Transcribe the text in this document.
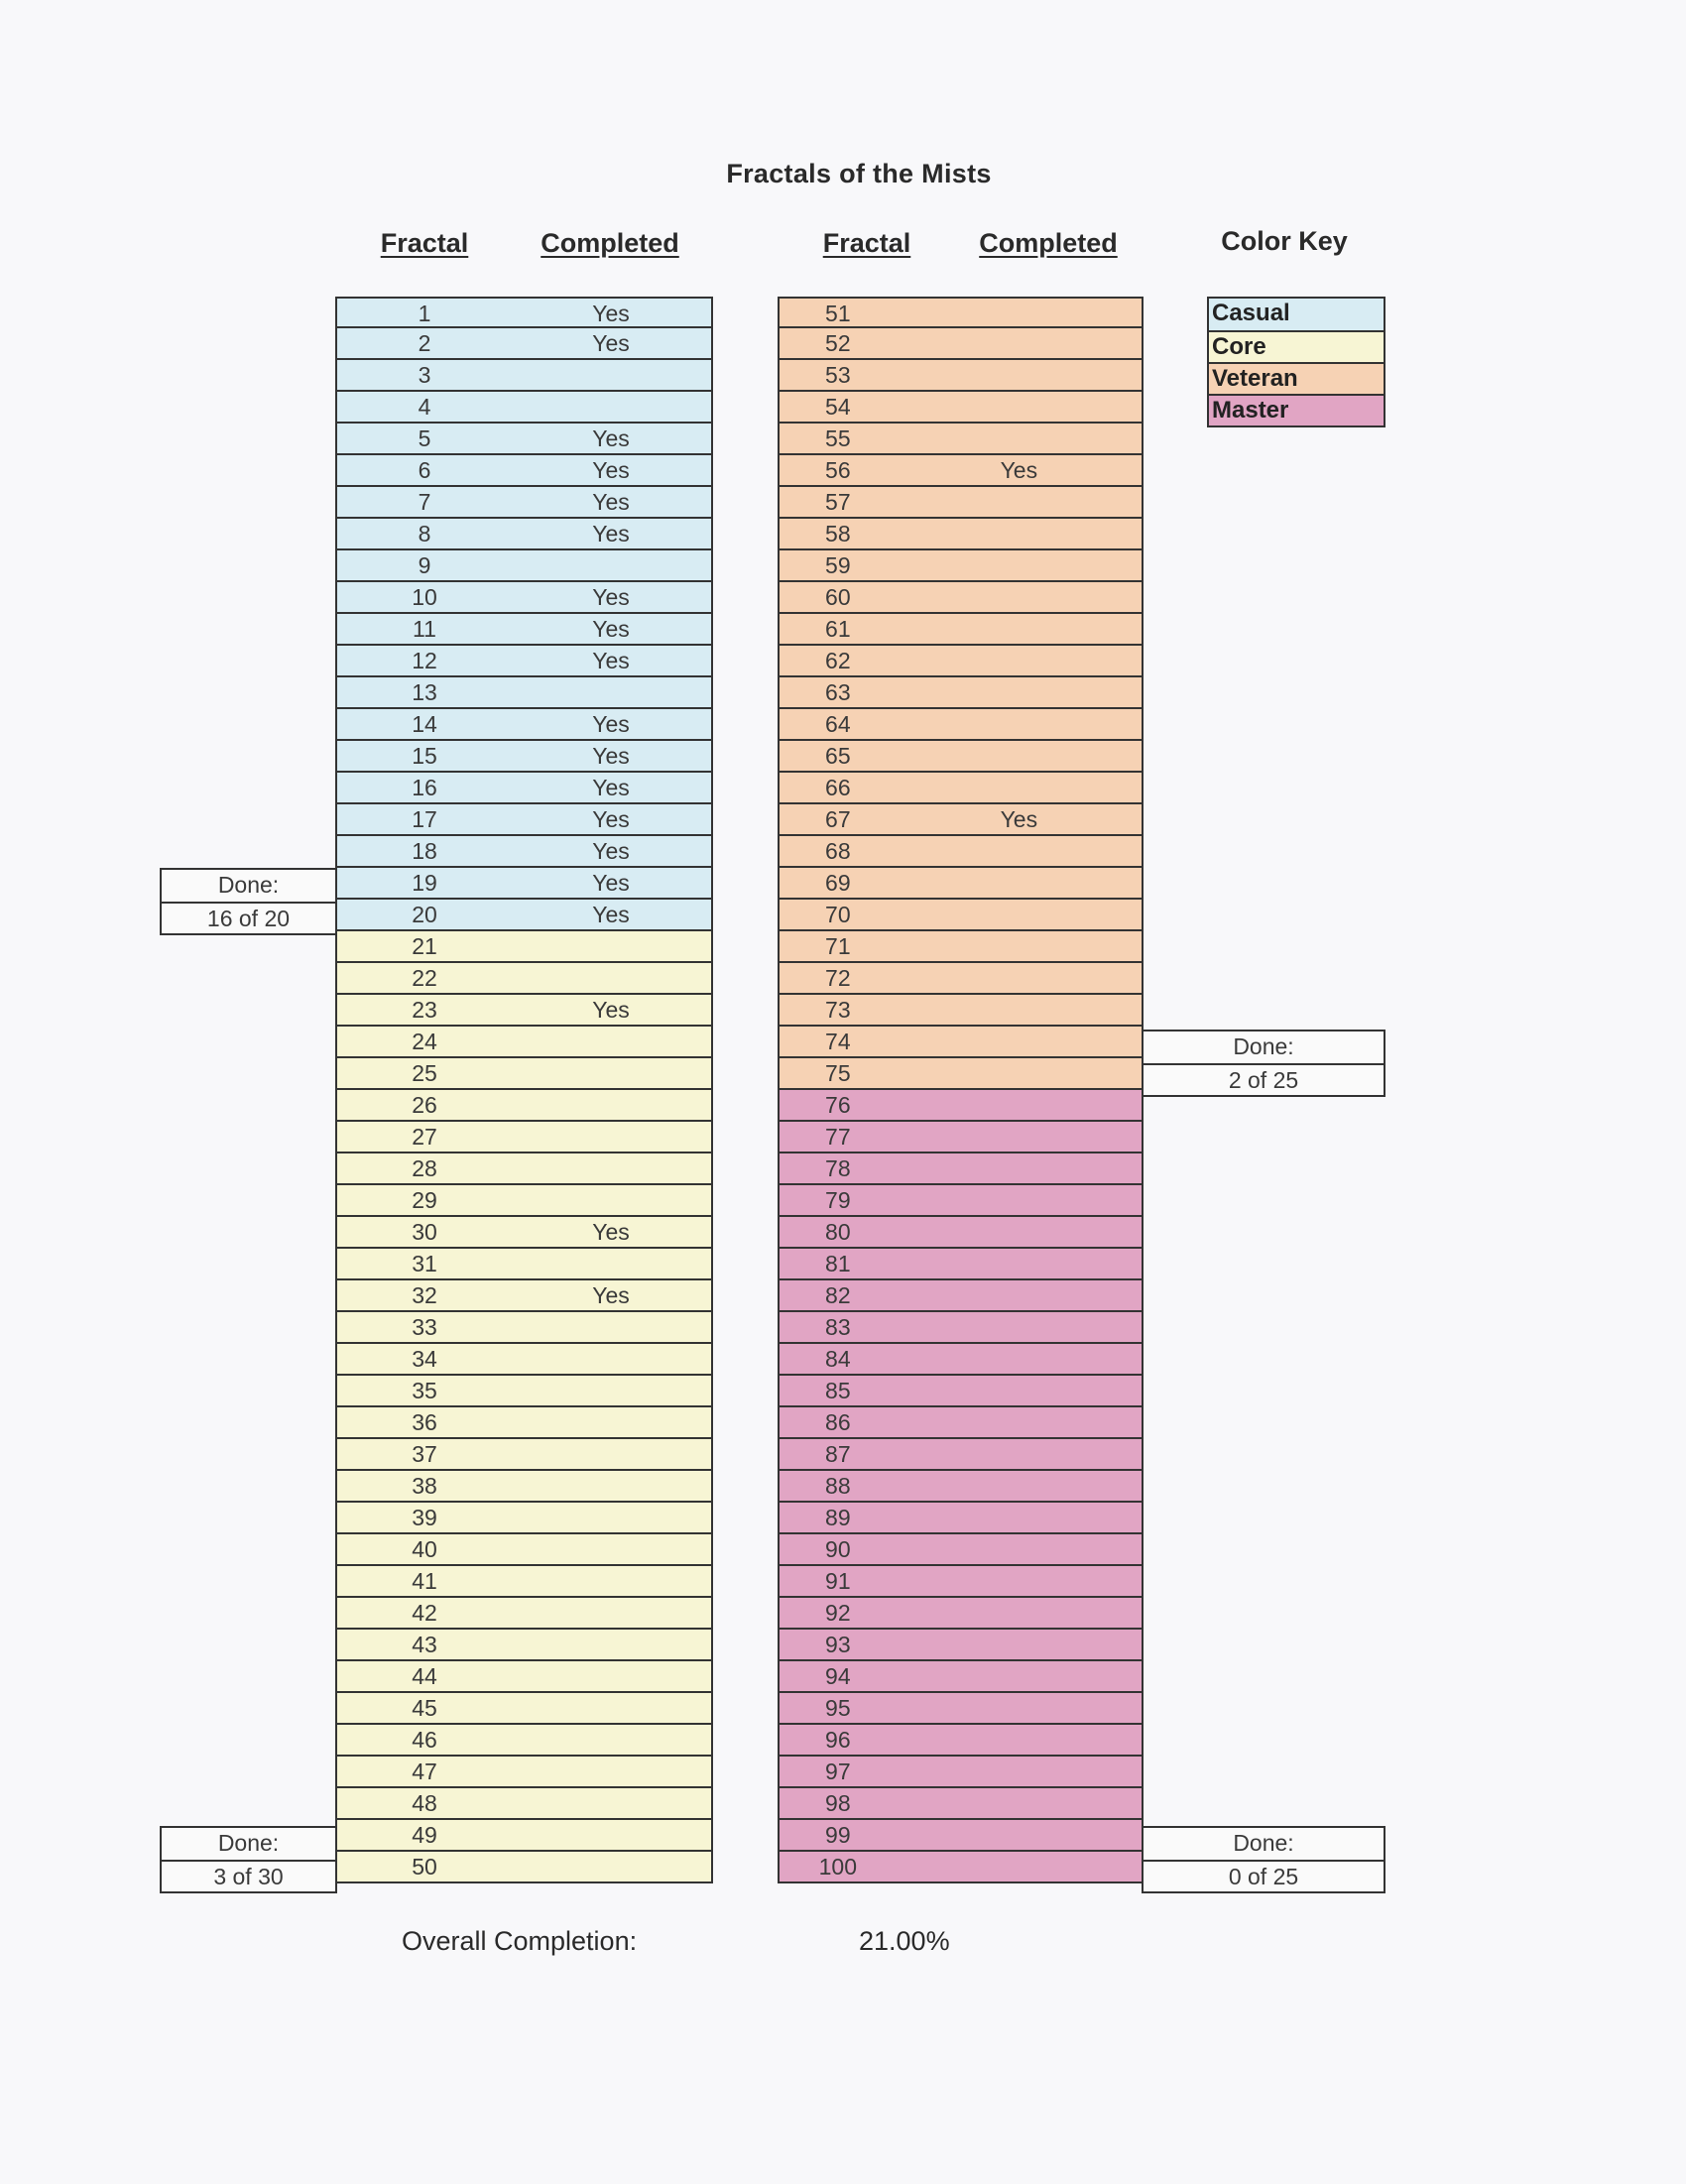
Fractals of the Mists
Fractal	Completed	Fractal	Completed	Color Key
1	Yes
2	Yes
3
4
5	Yes
6	Yes
7	Yes
8	Yes
9
10	Yes
11	Yes
12	Yes
13
14	Yes
15	Yes
16	Yes
17	Yes
18	Yes
19	Yes
20	Yes
21
22
23	Yes
24
25
26
27
28
29
30	Yes
31
32	Yes
33
34
35
36
37
38
39
40
41
42
43
44
45
46
47
48
49
50
51
52
53
54
55
56	Yes
57
58
59
60
61
62
63
64
65
66
67	Yes
68
69
70
71
72
73
74
75
76
77
78
79
80
81
82
83
84
85
86
87
88
89
90
91
92
93
94
95
96
97
98
99
100
Casual
Core
Veteran
Master
Done:
16 of 20
Done:
3 of 30
Done:
2 of 25
Done:
0 of 25
Overall Completion:	21.00%
